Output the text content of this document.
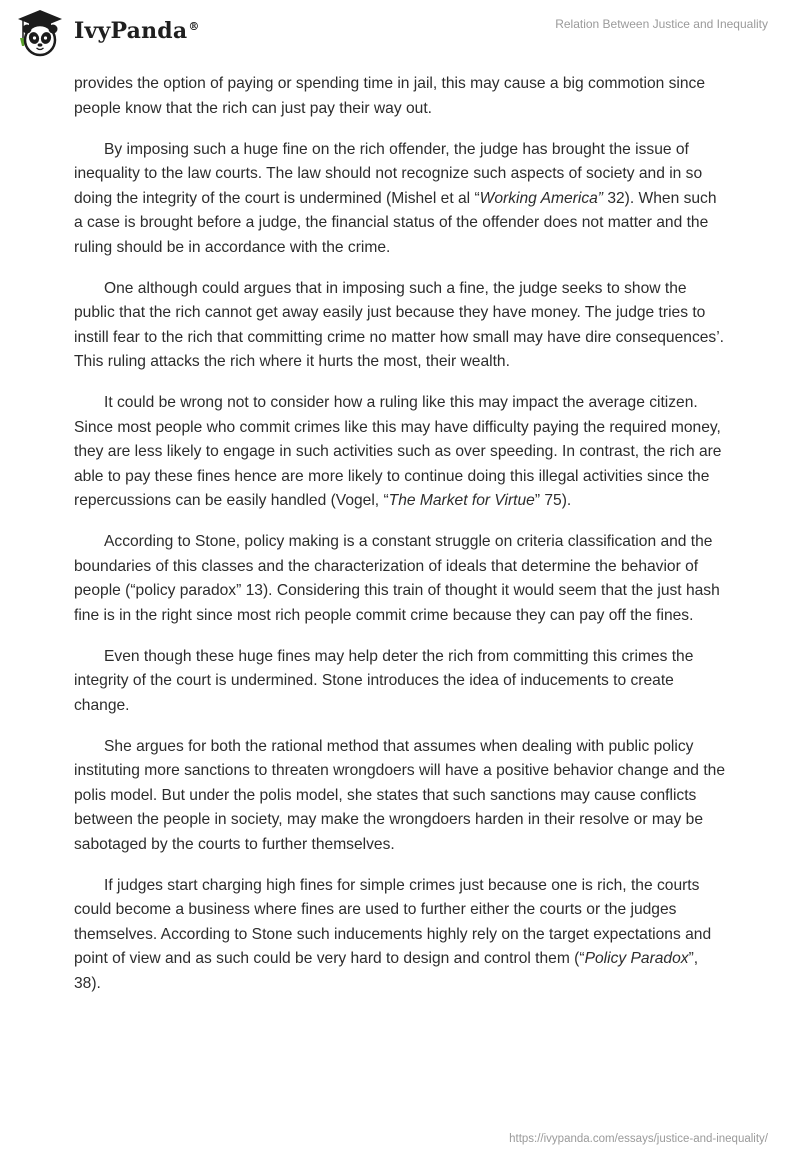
IvyPanda®	Relation Between Justice and Inequality

provides the option of paying or spending time in jail, this may cause a big commotion since people know that the rich can just pay their way out.

By imposing such a huge fine on the rich offender, the judge has brought the issue of inequality to the law courts. The law should not recognize such aspects of society and in so doing the integrity of the court is undermined (Mishel et al “Working America” 32). When such a case is brought before a judge, the financial status of the offender does not matter and the ruling should be in accordance with the crime.

One although could argues that in imposing such a fine, the judge seeks to show the public that the rich cannot get away easily just because they have money. The judge tries to instill fear to the rich that committing crime no matter how small may have dire consequences’. This ruling attacks the rich where it hurts the most, their wealth.

It could be wrong not to consider how a ruling like this may impact the average citizen. Since most people who commit crimes like this may have difficulty paying the required money, they are less likely to engage in such activities such as over speeding. In contrast, the rich are able to pay these fines hence are more likely to continue doing this illegal activities since the repercussions can be easily handled (Vogel, “The Market for Virtue” 75).

According to Stone, policy making is a constant struggle on criteria classification and the boundaries of this classes and the characterization of ideals that determine the behavior of people (“policy paradox” 13). Considering this train of thought it would seem that the just hash fine is in the right since most rich people commit crime because they can pay off the fines.

Even though these huge fines may help deter the rich from committing this crimes the integrity of the court is undermined. Stone introduces the idea of inducements to create change.

She argues for both the rational method that assumes when dealing with public policy instituting more sanctions to threaten wrongdoers will have a positive behavior change and the polis model. But under the polis model, she states that such sanctions may cause conflicts between the people in society, may make the wrongdoers harden in their resolve or may be sabotaged by the courts to further themselves.

If judges start charging high fines for simple crimes just because one is rich, the courts could become a business where fines are used to further either the courts or the judges themselves. According to Stone such inducements highly rely on the target expectations and point of view and as such could be very hard to design and control them (“Policy Paradox”, 38).

https://ivypanda.com/essays/justice-and-inequality/
